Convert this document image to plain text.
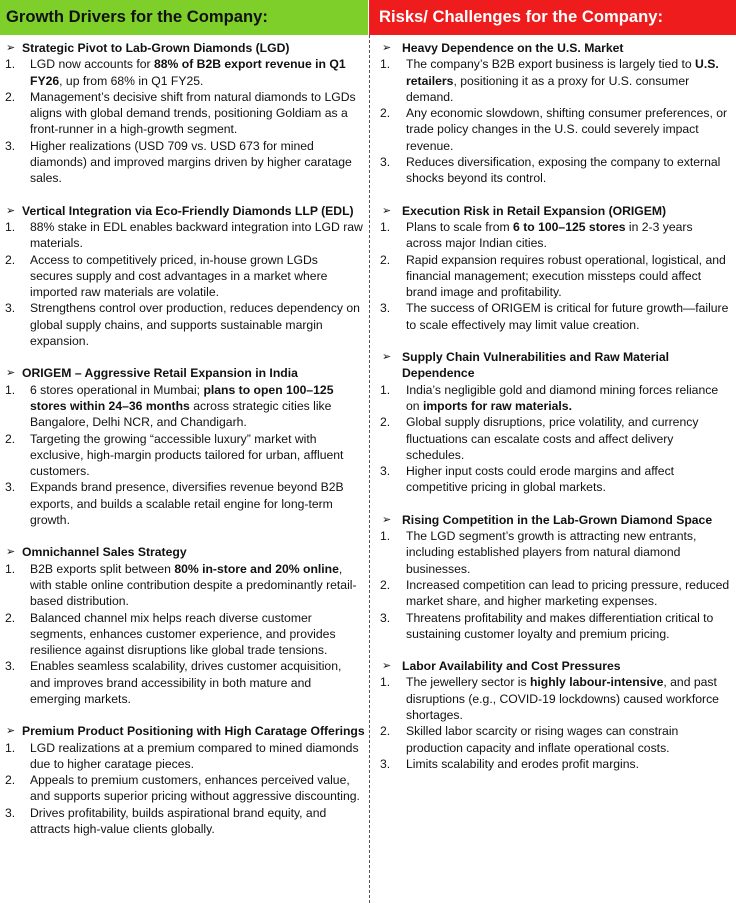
Growth Drivers for the Company:
➢ Strategic Pivot to Lab-Grown Diamonds (LGD)
1.	LGD now accounts for 88% of B2B export revenue in Q1 FY26, up from 68% in Q1 FY25.
2.	Management’s decisive shift from natural diamonds to LGDs aligns with global demand trends, positioning Goldiam as a front-runner in a high-growth segment.
3.	Higher realizations (USD 709 vs. USD 673 for mined diamonds) and improved margins driven by higher caratage sales.
➢ Vertical Integration via Eco-Friendly Diamonds LLP (EDL)
1.	88% stake in EDL enables backward integration into LGD raw materials.
2.	Access to competitively priced, in-house grown LGDs secures supply and cost advantages in a market where imported raw materials are volatile.
3.	Strengthens control over production, reduces dependency on global supply chains, and supports sustainable margin expansion.
➢ ORIGEM – Aggressive Retail Expansion in India
1.	6 stores operational in Mumbai; plans to open 100–125 stores within 24–36 months across strategic cities like Bangalore, Delhi NCR, and Chandigarh.
2.	Targeting the growing “accessible luxury” market with exclusive, high-margin products tailored for urban, affluent customers.
3.	Expands brand presence, diversifies revenue beyond B2B exports, and builds a scalable retail engine for long-term growth.
➢ Omnichannel Sales Strategy
1.	B2B exports split between 80% in-store and 20% online, with stable online contribution despite a predominantly retail-based distribution.
2.	Balanced channel mix helps reach diverse customer segments, enhances customer experience, and provides resilience against disruptions like global trade tensions.
3.	Enables seamless scalability, drives customer acquisition, and improves brand accessibility in both mature and emerging markets.
➢ Premium Product Positioning with High Caratage Offerings
1.	LGD realizations at a premium compared to mined diamonds due to higher caratage pieces.
2.	Appeals to premium customers, enhances perceived value, and supports superior pricing without aggressive discounting.
3.	Drives profitability, builds aspirational brand equity, and attracts high-value clients globally.
Risks/ Challenges for the Company:
➢ Heavy Dependence on the U.S. Market
1.	The company’s B2B export business is largely tied to U.S. retailers, positioning it as a proxy for U.S. consumer demand.
2.	Any economic slowdown, shifting consumer preferences, or trade policy changes in the U.S. could severely impact revenue.
3.	Reduces diversification, exposing the company to external shocks beyond its control.
➢ Execution Risk in Retail Expansion (ORIGEM)
1.	Plans to scale from 6 to 100–125 stores in 2-3 years across major Indian cities.
2.	Rapid expansion requires robust operational, logistical, and financial management; execution missteps could affect brand image and profitability.
3.	The success of ORIGEM is critical for future growth—failure to scale effectively may limit value creation.
➢ Supply Chain Vulnerabilities and Raw Material Dependence
1.	India’s negligible gold and diamond mining forces reliance on imports for raw materials.
2.	Global supply disruptions, price volatility, and currency fluctuations can escalate costs and affect delivery schedules.
3.	Higher input costs could erode margins and affect competitive pricing in global markets.
➢ Rising Competition in the Lab-Grown Diamond Space
1.	The LGD segment’s growth is attracting new entrants, including established players from natural diamond businesses.
2.	Increased competition can lead to pricing pressure, reduced market share, and higher marketing expenses.
3.	Threatens profitability and makes differentiation critical to sustaining customer loyalty and premium pricing.
➢ Labor Availability and Cost Pressures
1.	The jewellery sector is highly labour-intensive, and past disruptions (e.g., COVID-19 lockdowns) caused workforce shortages.
2.	Skilled labor scarcity or rising wages can constrain production capacity and inflate operational costs.
3.	Limits scalability and erodes profit margins.
